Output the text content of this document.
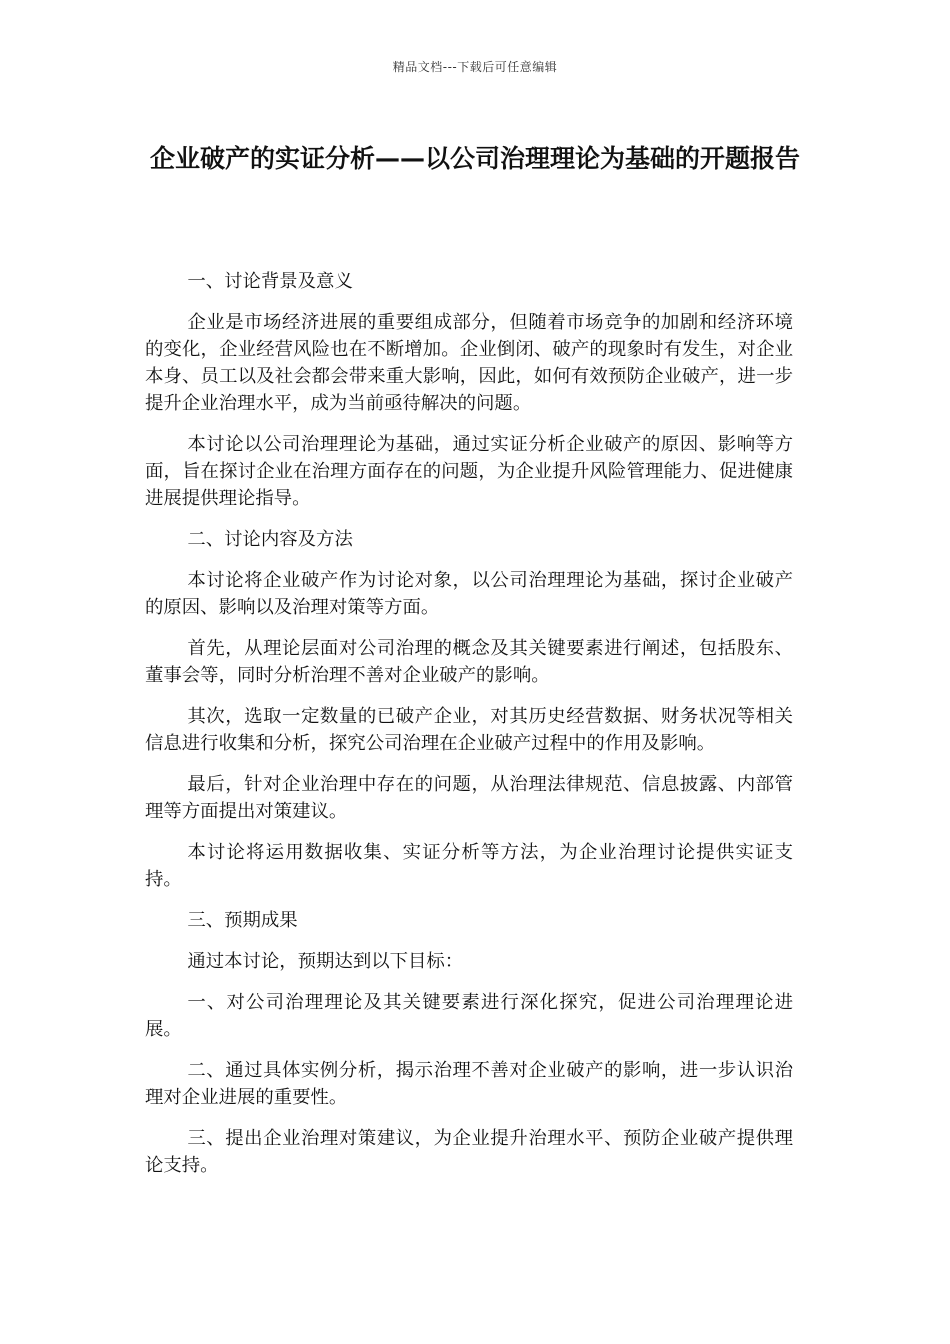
精品文档---下载后可任意编辑
企业破产的实证分析——以公司治理理论为基础的开题报告

一、讨论背景及意义

企业是市场经济进展的重要组成部分，但随着市场竞争的加剧和经济环境的变化，企业经营风险也在不断增加。企业倒闭、破产的现象时有发生，对企业本身、员工以及社会都会带来重大影响，因此，如何有效预防企业破产，进一步提升企业治理水平，成为当前亟待解决的问题。

本讨论以公司治理理论为基础，通过实证分析企业破产的原因、影响等方面，旨在探讨企业在治理方面存在的问题，为企业提升风险管理能力、促进健康进展提供理论指导。

二、讨论内容及方法

本讨论将企业破产作为讨论对象，以公司治理理论为基础，探讨企业破产的原因、影响以及治理对策等方面。

首先，从理论层面对公司治理的概念及其关键要素进行阐述，包括股东、董事会等，同时分析治理不善对企业破产的影响。

其次，选取一定数量的已破产企业，对其历史经营数据、财务状况等相关信息进行收集和分析，探究公司治理在企业破产过程中的作用及影响。

最后，针对企业治理中存在的问题，从治理法律规范、信息披露、内部管理等方面提出对策建议。

本讨论将运用数据收集、实证分析等方法，为企业治理讨论提供实证支持。

三、预期成果

通过本讨论，预期达到以下目标：

一、对公司治理理论及其关键要素进行深化探究，促进公司治理理论进展。

二、通过具体实例分析，揭示治理不善对企业破产的影响，进一步认识治理对企业进展的重要性。

三、提出企业治理对策建议，为企业提升治理水平、预防企业破产提供理论支持。
